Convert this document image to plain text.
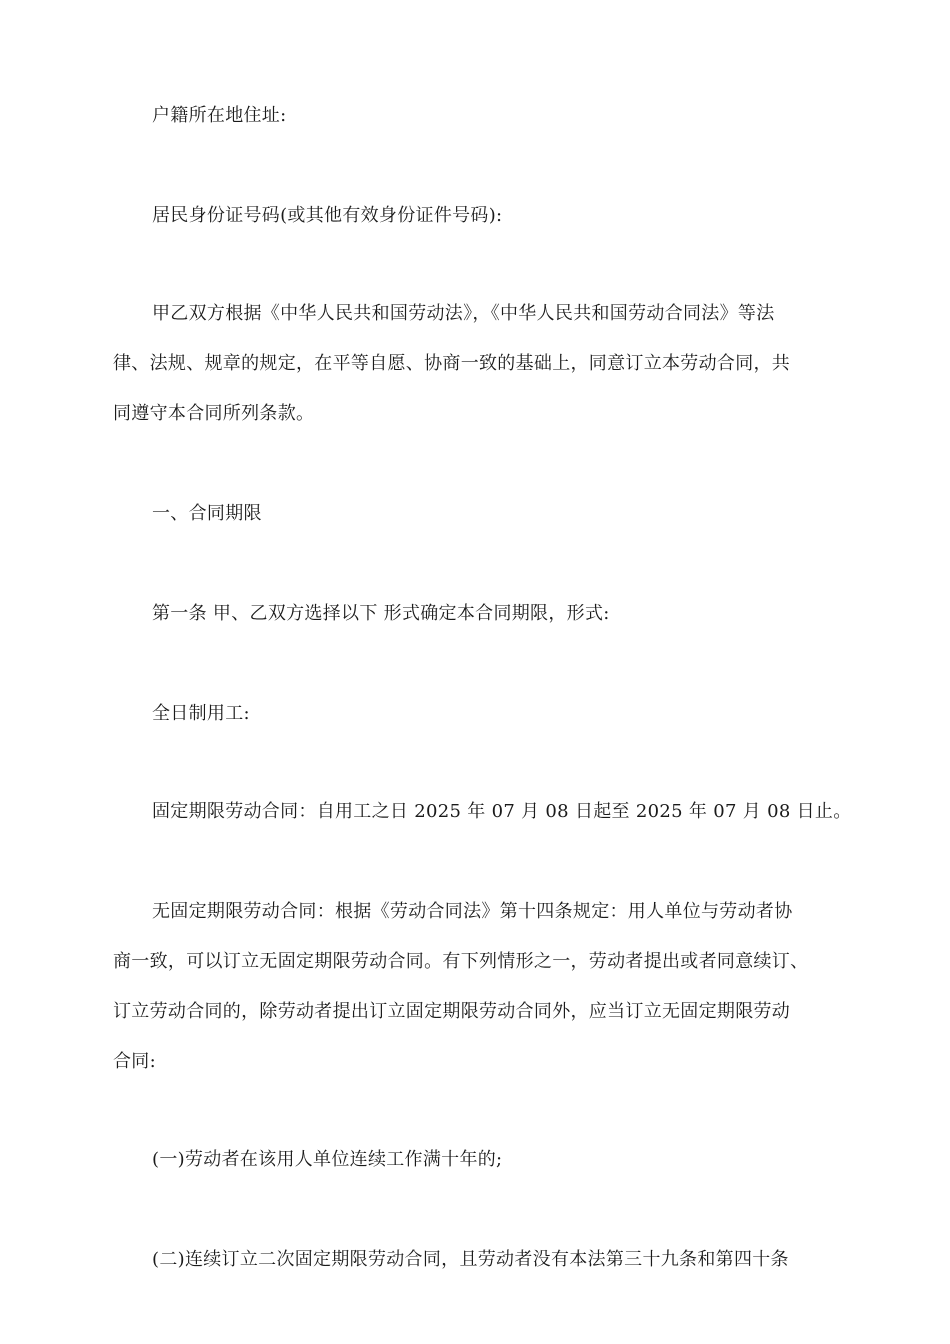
户籍所在地住址:
居民身份证号码(或其他有效身份证件号码):
甲乙双方根据《中华人民共和国劳动法》，《中华人民共和国劳动合同法》等法
律、法规、规章的规定，在平等自愿、协商一致的基础上，同意订立本劳动合同，共
同遵守本合同所列条款。
一、合同期限
第一条 甲、乙双方选择以下 形式确定本合同期限，形式:
全日制用工:
固定期限劳动合同：自用工之日 2025 年 07 月 08 日起至 2025 年 07 月 08 日止。
无固定期限劳动合同：根据《劳动合同法》第十四条规定：用人单位与劳动者协
商一致，可以订立无固定期限劳动合同。有下列情形之一，劳动者提出或者同意续订、
订立劳动合同的，除劳动者提出订立固定期限劳动合同外，应当订立无固定期限劳动
合同:
(一)劳动者在该用人单位连续工作满十年的;
(二)连续订立二次固定期限劳动合同，且劳动者没有本法第三十九条和第四十条
